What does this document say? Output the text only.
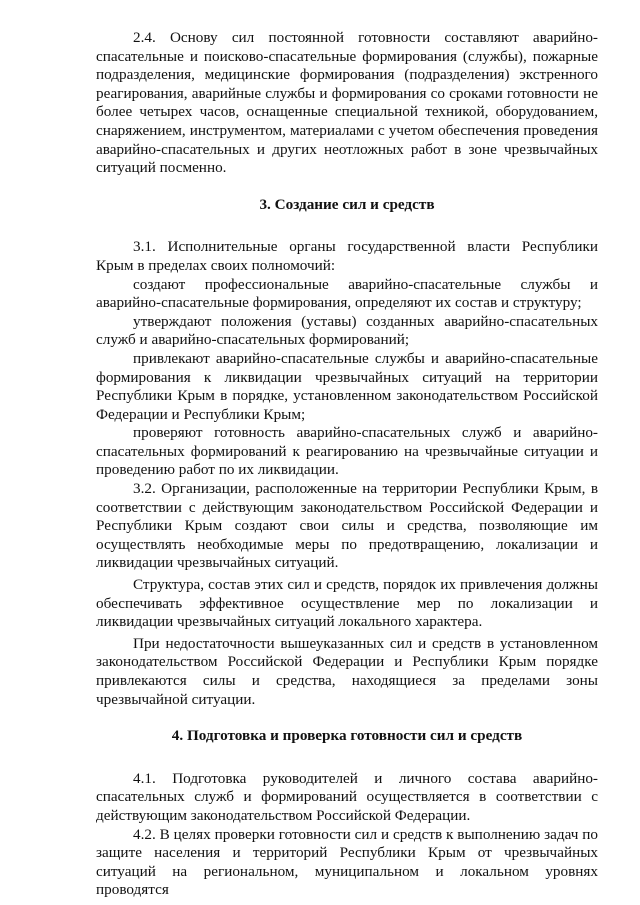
2.4. Основу сил постоянной готовности составляют аварийно-спасательные и поисково-спасательные формирования (службы), пожарные подразделения, медицинские формирования (подразделения) экстренного реагирования, аварийные службы и формирования со сроками готовности не более четырех часов, оснащенные специальной техникой, оборудованием, снаряжением, инструментом, материалами с учетом обеспечения проведения аварийно-спасательных и других неотложных работ в зоне чрезвычайных ситуаций посменно.

3. Создание сил и средств

3.1. Исполнительные органы государственной власти Республики Крым в пределах своих полномочий:

создают профессиональные аварийно-спасательные службы и аварийно-спасательные формирования, определяют их состав и структуру;

утверждают положения (уставы) созданных аварийно-спасательных служб и аварийно-спасательных формирований;

привлекают аварийно-спасательные службы и аварийно-спасательные формирования к ликвидации чрезвычайных ситуаций на территории Республики Крым в порядке, установленном законодательством Российской Федерации и Республики Крым;

проверяют готовность аварийно-спасательных служб и аварийно-спасательных формирований к реагированию на чрезвычайные ситуации и проведению работ по их ликвидации.

3.2. Организации, расположенные на территории Республики Крым, в соответствии с действующим законодательством Российской Федерации и Республики Крым создают свои силы и средства, позволяющие им осуществлять необходимые меры по предотвращению, локализации и ликвидации чрезвычайных ситуаций.

Структура, состав этих сил и средств, порядок их привлечения должны обеспечивать эффективное осуществление мер по локализации и ликвидации чрезвычайных ситуаций локального характера.

При недостаточности вышеуказанных сил и средств в установленном законодательством Российской Федерации и Республики Крым порядке привлекаются силы и средства, находящиеся за пределами зоны чрезвычайной ситуации.

4. Подготовка и проверка готовности сил и средств

4.1. Подготовка руководителей и личного состава аварийно-спасательных служб и формирований осуществляется в соответствии с действующим законодательством Российской Федерации.

4.2. В целях проверки готовности сил и средств к выполнению задач по защите населения и территорий Республики Крым от чрезвычайных ситуаций на региональном, муниципальном и локальном уровнях проводятся
